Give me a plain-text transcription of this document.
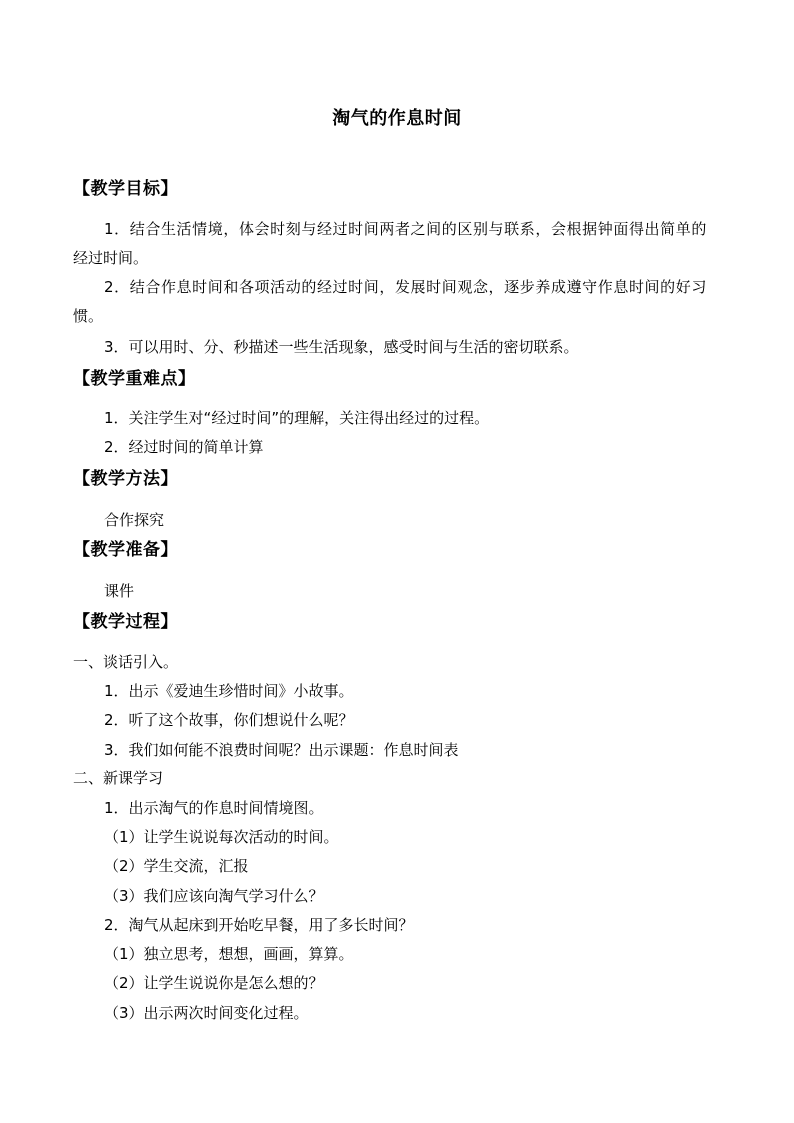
淘气的作息时间
【教学目标】
1．结合生活情境，体会时刻与经过时间两者之间的区别与联系，会根据钟面得出简单的
经过时间。
2．结合作息时间和各项活动的经过时间，发展时间观念，逐步养成遵守作息时间的好习
惯。
3．可以用时、分、秒描述一些生活现象，感受时间与生活的密切联系。
【教学重难点】
1．关注学生对“经过时间”的理解，关注得出经过的过程。
2．经过时间的简单计算
【教学方法】
合作探究
【教学准备】
课件
【教学过程】
一、谈话引入。
1．出示《爱迪生珍惜时间》小故事。
2．听了这个故事，你们想说什么呢？
3．我们如何能不浪费时间呢？出示课题：作息时间表
二、新课学习
1．出示淘气的作息时间情境图。
（1）让学生说说每次活动的时间。
（2）学生交流，汇报
（3）我们应该向淘气学习什么？
2．淘气从起床到开始吃早餐，用了多长时间？
（1）独立思考，想想，画画，算算。
（2）让学生说说你是怎么想的？
（3）出示两次时间变化过程。
